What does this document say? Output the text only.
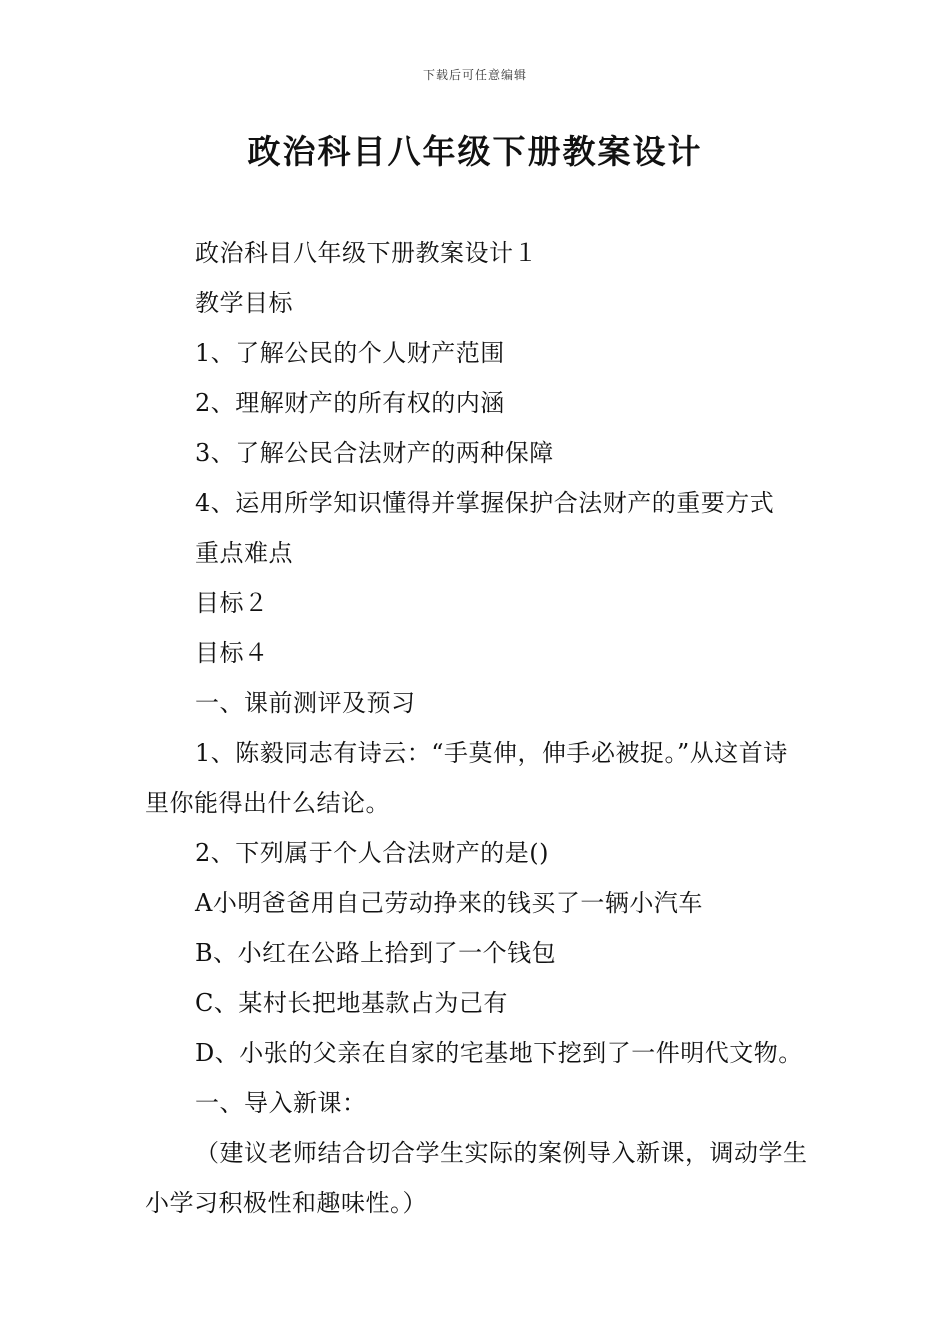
下载后可任意编辑
政治科目八年级下册教案设计

政治科目八年级下册教案设计１

教学目标

1、了解公民的个人财产范围

2、理解财产的所有权的内涵

3、了解公民合法财产的两种保障

4、运用所学知识懂得并掌握保护合法财产的重要方式

重点难点

目标２

目标４

一、课前测评及预习

1、陈毅同志有诗云：“手莫伸，伸手必被捉。”从这首诗里你能得出什么结论。

2、下列属于个人合法财产的是()

A小明爸爸用自己劳动挣来的钱买了一辆小汽车

B、小红在公路上拾到了一个钱包

C、某村长把地基款占为己有

D、小张的父亲在自家的宅基地下挖到了一件明代文物。

一、导入新课：

（建议老师结合切合学生实际的案例导入新课，调动学生小学习积极性和趣味性。）
